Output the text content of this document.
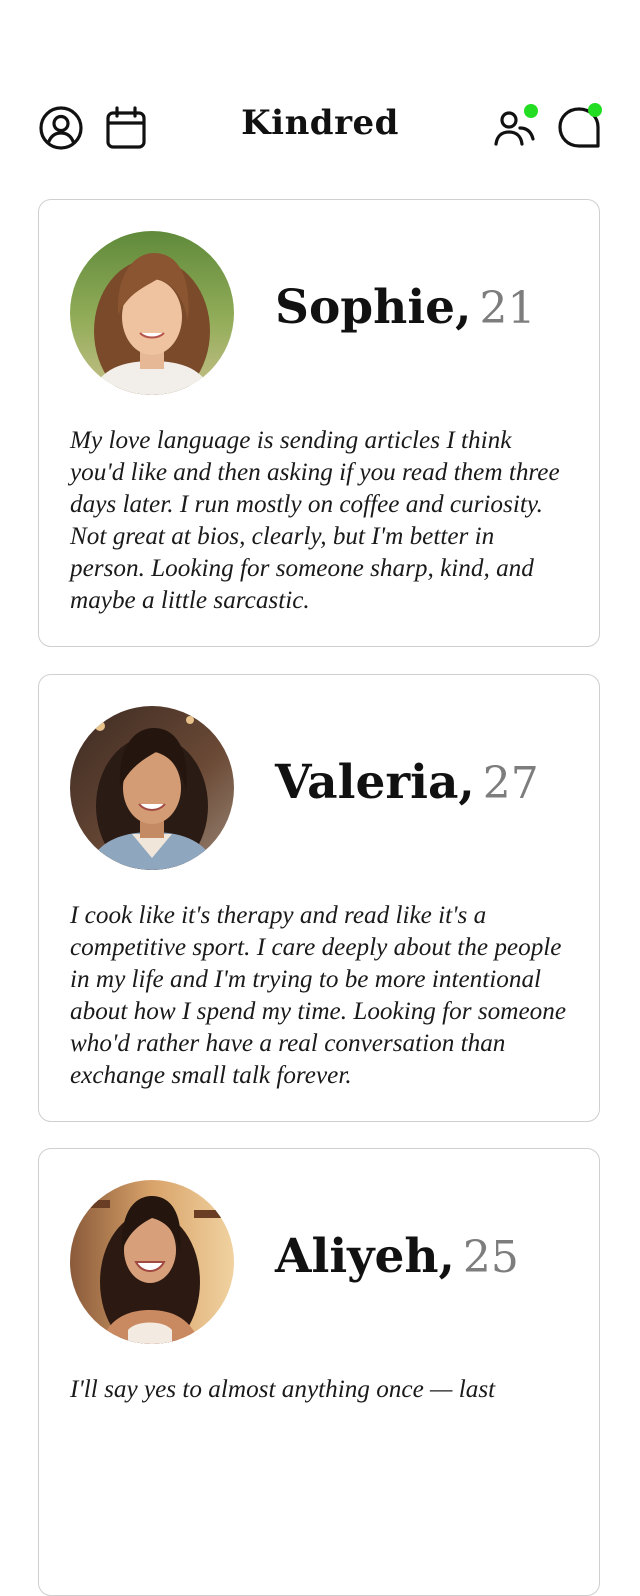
Kindred
Sophie, 21
My love language is sending articles I think you'd like and then asking if you read them three days later. I run mostly on coffee and curiosity. Not great at bios, clearly, but I'm better in person. Looking for someone sharp, kind, and maybe a little sarcastic.
Valeria, 27
I cook like it's therapy and read like it's a competitive sport. I care deeply about the people in my life and I'm trying to be more intentional about how I spend my time. Looking for someone who'd rather have a real conversation than exchange small talk forever.
Aliyeh, 25
I'll say yes to almost anything once — last
